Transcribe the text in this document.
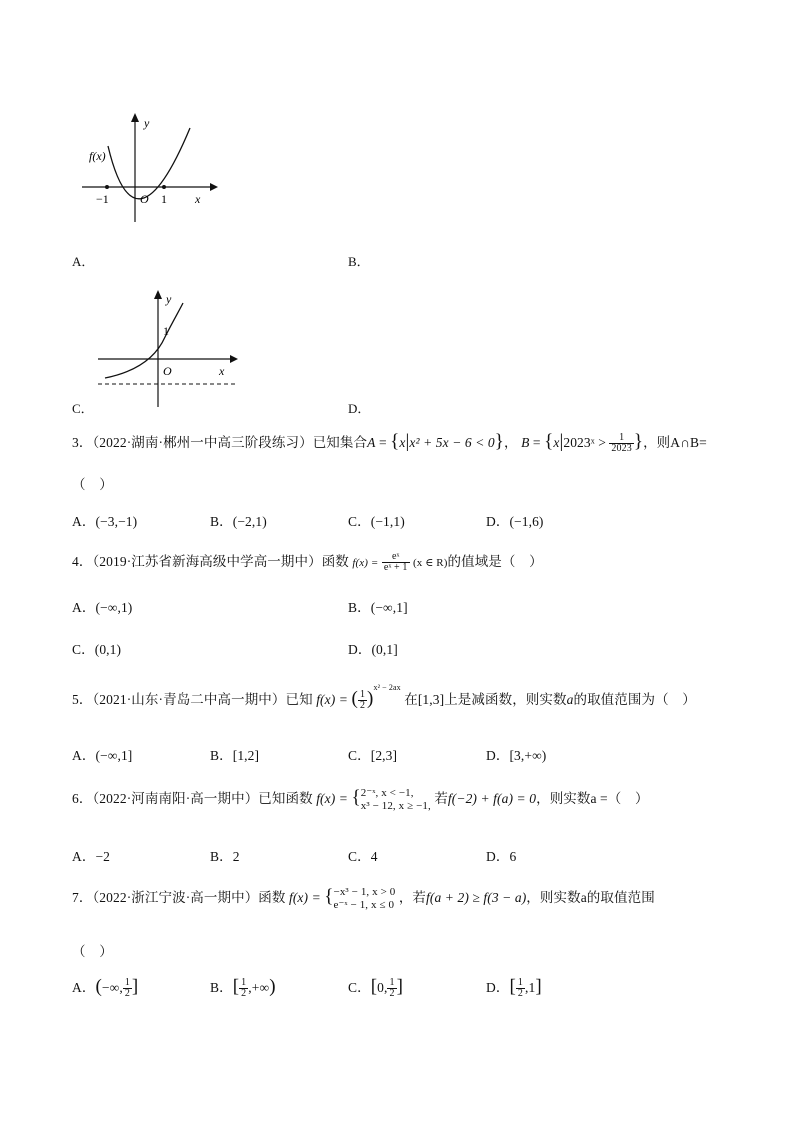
y
f(x)
−1	O 1 x
A．	B．
y
1
O	x
C．	D．
3．（2022·湖南·郴州一中高三阶段练习）已知集合A = {x|x² + 5x − 6 < 0}， B = {x|2023ˣ > $\frac{1}{2023}$ }，则A∩B=
（　）
A．(−3,−1)	B．(−2,1)	C．(−1,1)	D．(−1,6)
4．（2019·江苏省新海高级中学高一期中）函数 $f(x) = \frac{\text{eˣ}}{\text{eˣ + 1}} (x$ ∈ R)的值域是（　）
A．(−∞,1)	B．(−∞,1]
C．(0,1)	D．(0,1]
5．（2021·山东·青岛二中高一期中）已知 f(x) = ( $\frac{1}{2} )^{x^2 - 2ax}$ 在[1,3]上是减函数，则实数a的取值范围为（　）
A．(−∞,1]	B．[1,2]	C．[2,3]	D．[3,+∞)
6．（2022·河南南阳·高一期中）已知函数 f(x) = { 2⁻ˣ, x < −1,
x³ − 12, x ≥ −1, 若f(−2) + f(a) = 0，则实数a =（　）
A．−2	B．2	C．4	D．6
7．（2022·浙江宁波·高一期中）函数 f(x) = { −x³ − 1, x > 0
e⁻ˣ − 1, x ≤ 0 ，若f(a + 2) ≥ f(3 − a)，则实数a的取值范围
（　）
A．(−∞, $\frac{1}{2}$ ]	B．[ $\frac{1}{2}$ ,+∞)	C．[0, $\frac{1}{2}$ ]	D．[ $\frac{1}{2} ,1$]
